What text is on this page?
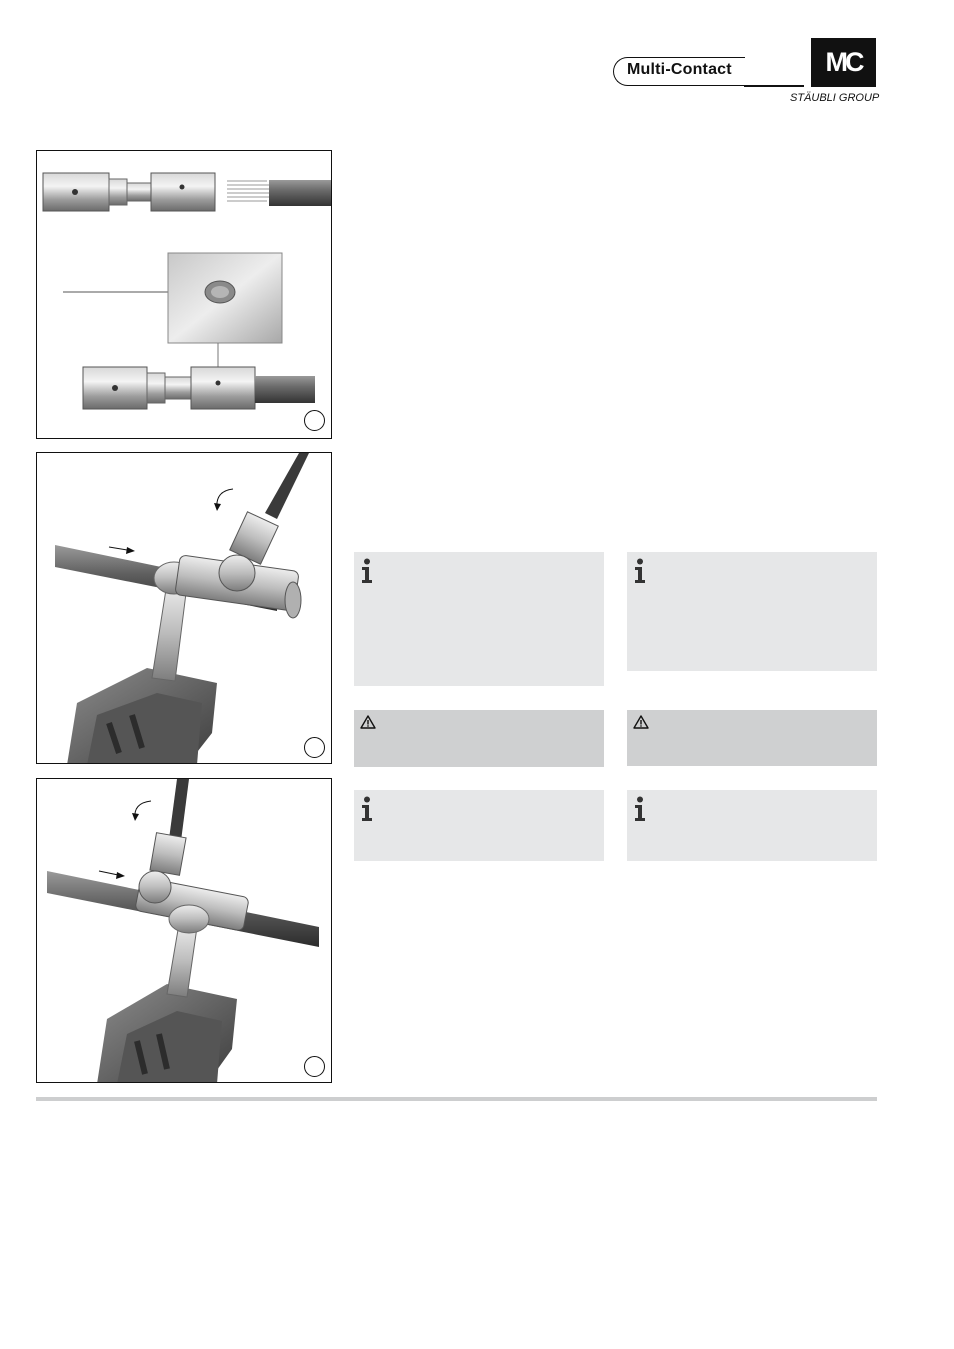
Multi-Contact	MC
STÄUBLI GROUP
